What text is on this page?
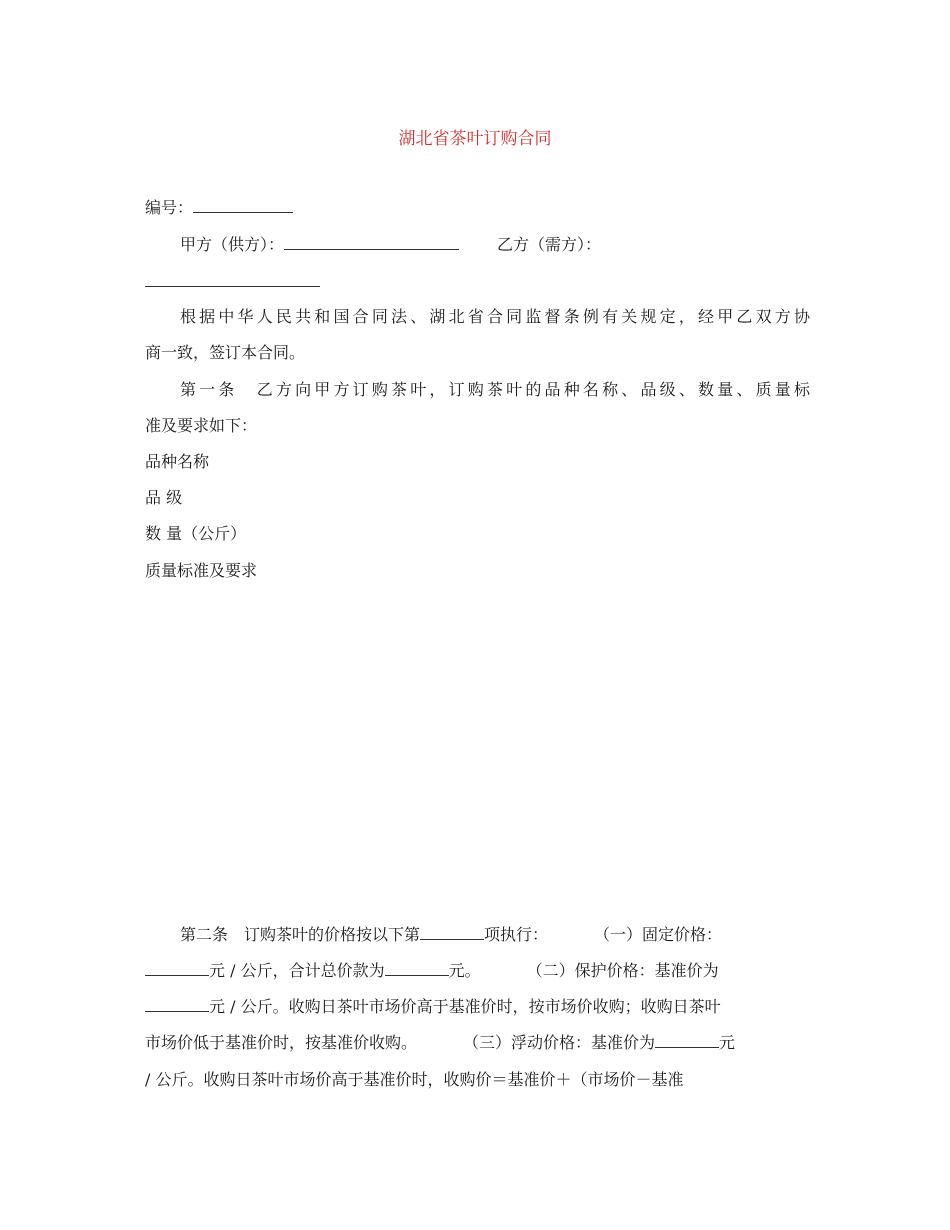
湖北省茶叶订购合同
编号：
甲方（供方）：	乙方（需方）：
根据中华人民共和国合同法、湖北省合同监督条例有关规定，经甲乙双方协
商一致，签订本合同。
第一条　乙方向甲方订购茶叶，订购茶叶的品种名称、品级、数量、质量标
准及要求如下：
品种名称
品 级
数 量（公斤）
质量标准及要求
第二条　订购茶叶的价格按以下第	项执行：	（一）固定价格：
元 / 公斤，合计总价款为	元。	（二）保护价格：基准价为
元 / 公斤。收购日茶叶市场价高于基准价时，按市场价收购；收购日茶叶
市场价低于基准价时，按基准价收购。	（三）浮动价格：基准价为	元
/ 公斤。收购日茶叶市场价高于基准价时，收购价＝基准价＋（市场价－基准
